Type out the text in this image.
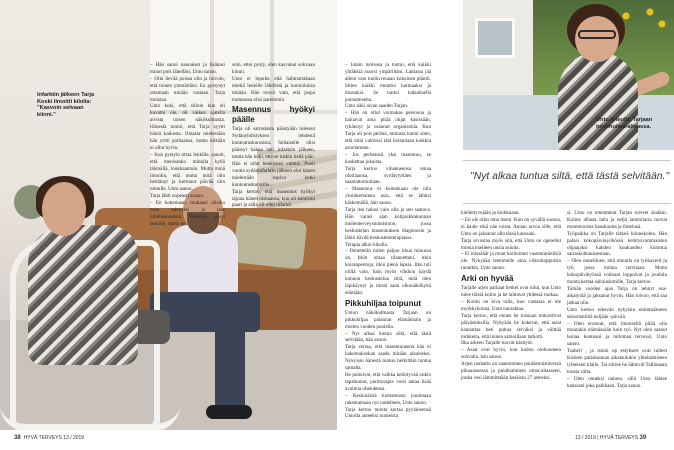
Infarktin jälkeen Tarja Koski ilmoitti kilolla: "Kasvoin selvaan kiinni."

– Hän sanoi nanoaiset ja lisäkasi minut pois lähelläsi, Unto sanoo.

– Olin lievää poissa olin ja toivoin, että toinen ymmärtäisi. En pystynyt ottamaan mitään vastaan. Tarja muistaa.

Unto koki, että silloin kun oli kuvattu ole, oli vaikea ajatella aivista toisen näkökulmasta. Hänestä tuntui, että Tarja syytti häntä kaikesta. Omasta mielestään hän yritti parhaansa, mutta mikään ei ollut hyvin.

– Kun pystyin ottaa lenkille, sanoit, että menisanko minulla kyllä lähmällä, loukkaantuin. Mutta minä ilmoitin, että mutta mitä olin heittänyt ja kertonut päivää niin minulle, Unto sanoo.

Tarja lähti nopeasti asiaan.

– En kokemaan, mukaani olisiko tuon tulevaksi ja taas lohdukenneistä. Vetävään pysyi lenkille, mutta ne

soin, ettei pysty, olen kasvanut sohvaan kiinni.

Unto ei lopulta että hahmuttakaan mietiä lenkille lähdöstä ja kuntoiluista mitään. Hän toivoi vain, että jospa tuunnessa olisi paremmin.

Masennus hyökyi päälle

Tarja oli satraslasta päästyään tulessut Sydänyhdistyksen lehdestä kuntoutuskurssista. Sellaiselle olisi päässyt hakea heti infarktin jälkeen, mutta hän koki, että se tuskin tiedä piän. Hän ei ollut henkisesti valmis. Puoli vuotta sydäninfarktin jälkeen oloi hänen mielestään sopiva hetki kuntoutuskurssille.

Tarja kertoo, että masennus hyökyi tajuna hänen niskaansa, kun oli kaluistut paari ja sälla oli ollut infarkti.

– Jotain tuolossa ja tuntui, että kaikki yhtäkkiä nuorsi ympäriltäni. Lattiasta jää alleni vain tuolin reunan kokoinen pläntti. Sitten kaikki muuttui harmaaksi ja mustaksi. Se tuntui todaalisella putoamiselta.

Unto näki aivan saaden Tarjan.

– Hän on ollut voimakas persoona ja haluavat aina pitää ohjat käsissään, tykännyt ja osannut organisoida. Kun Tarja oli pois pelistä, minusta tuntui siten, että mitä valmissi tätä hoitamaan kaikkia asioitamme.

– Jos perheessä yksi masentuu, se koskettaa jokaista.

Tarja kertoo vihanneensa omaa olotilaansa, syrdäytyttäen ja saamattomuttaan.

– Masennus ei kuitenkaan ole niin yksinkertainen asia, että se lähtisi käskemällä, hän sanoo.

Tarja itse halusi vain olla ja sen saatava. Hän varasi ajan kotipaikkakunnan mielenterveystoimistoon, jossa keskustelan masennuksen diagnoosin ja lähtö kävdä keskusteluterapiassa.

Terapia alkoi hikalla.

– Ihmettelin miten paljon itkua minussa on. Itkin omaa tilannettani, itkin koiranpentuja, itkin pienä lapsia. Itku tuli niiltä vain. Sain myös vihdoin käydä kunnon keskustelua siitä, mitä olen läpikäynyt ja mistä saan ulkonäkökykä elämään.

Pikkuhiljaa toipunut

Unton näkökulmasta Tarjaan on pikkuhiljaa palannut elämänhalu ja mielen vuoden puolella.

– Nyt alkaa tuntua siltä, että tästä selvitään, hän sanoo.

Tarja vertaa, että masentuneena hän ei hakemuksekan saada mitään aikaiseksi. Nykyisin hänestä tuntuu hetkittäin tuntua samalta.

He puhuivat, että valkka kehittyvää onkin tapahtunut, parittorapia voisi antaa lisää avaimia ohteidensa.

– Keskinäistä luottamusta joudutaan rakentamaan nyt uudelleen, Unto sanoo.

Tarja kertoo monta kertaa pyytäneensä Untolta anteeksi tunneista

38 HYVÄ TERVEYS 13 / 2019
Unto toteutti: Tarjaan toivenuima-altaassa.
"Nyt alkaa tuntua siltä, että tästä selvitään."

kiellettyvejään ja kiukkuaan.

– En ole ollut oma itseni. Kun on syvällä suossa, ei kaule eikä näe toista. Annan arvoa sille, että Unto on jaksanut olla tässä kanssani.

Tarja arvostaa myös sitä, että Unto on opetellut monia itselleen uusia asioita.

– Ei niissähät ja muut kotitoimet vastennmielisiä ole. Nykyään teemmelle aina viikonloppuisin ruoatkin, Unto sanoo.

Arki on hyvää

Tarjalle arjen parhaat hetket ovat niitä, kun Unto tulee töistä kotiin ja he laittavat yhdessä ruokaa.

– Kotiin on kiva tulla, kun vastassa ei ole myrkkykonna, Unto naurahtaa.

Tarja kertoo, että ennen he toisiaan mikoittivat päivästoksilla. Nykyään he kokevat, että asiat kannattaa heti puhua selväksi ja välttää turkkeita, että toinen samoillaan tarkotti.

Ilka arkeen Tarjalle tuovat käsityöt.

– Asiat ovat hyvin, kun kudon olohuoneen sohvalla, hän sanoo.

Arjen rauhattu on saanominen puuläennistävessä pikauusuessa ja pulahtaminen uima-altaaseen, jonka vesi lämmitetään kesäisin 27 asteeksi.

si. Unto on toteuttanut Tarjan toiveet sinäkin. Kolme allasta laita ja neljä lammilaria tuovat mummonista haaskuutta ja ilmeinsä.

Työpaikka on Tarjalle tärkeä kiinnekohta. Hän palasi kokopäiväsyöhössä kehitysvammaisten ohjaajaksi kahden kuukauden kuluttua sairaskohtauksestaan.

– Olen onnellinen, että minulla on työkaverit ja työ, jossa minua tarvitaan. Mutta kokopäivätyössä voimani loppuivat ja jouduin monta kertaa sairauslomille, Tarja kertoo.

Tämän vuoden ajan Tarja on tehnyt osa-aikatyötä ja jaksanut hyvin. Hän toivoo, että saa jatkaa niin.

Unto kertoo tekevän nykyisin enimmäkseen seisomatöitä neljään -päivää.

– Olen eronnut, että ilmoisellä pitää olla muutakin elämässään kuin työ. Nyt olen saanut hoitaa kuntoani ja tullomaa tervexsi, Unto sanoo.

Tsaheri , ja istuni up estyksert ovat tulleet Kosken pariskunnan aikataulukin yhteisämiseen lyhteisen tilalle. Tai siltine he lähtevät Tallinnaan tuosta välta.

– Olen onneksi nainen, sillä Unto lähtee kanssani joka paikkaan, Tarja sanoo.

13 / 2019 | HYVÄ TERVEYS 39
